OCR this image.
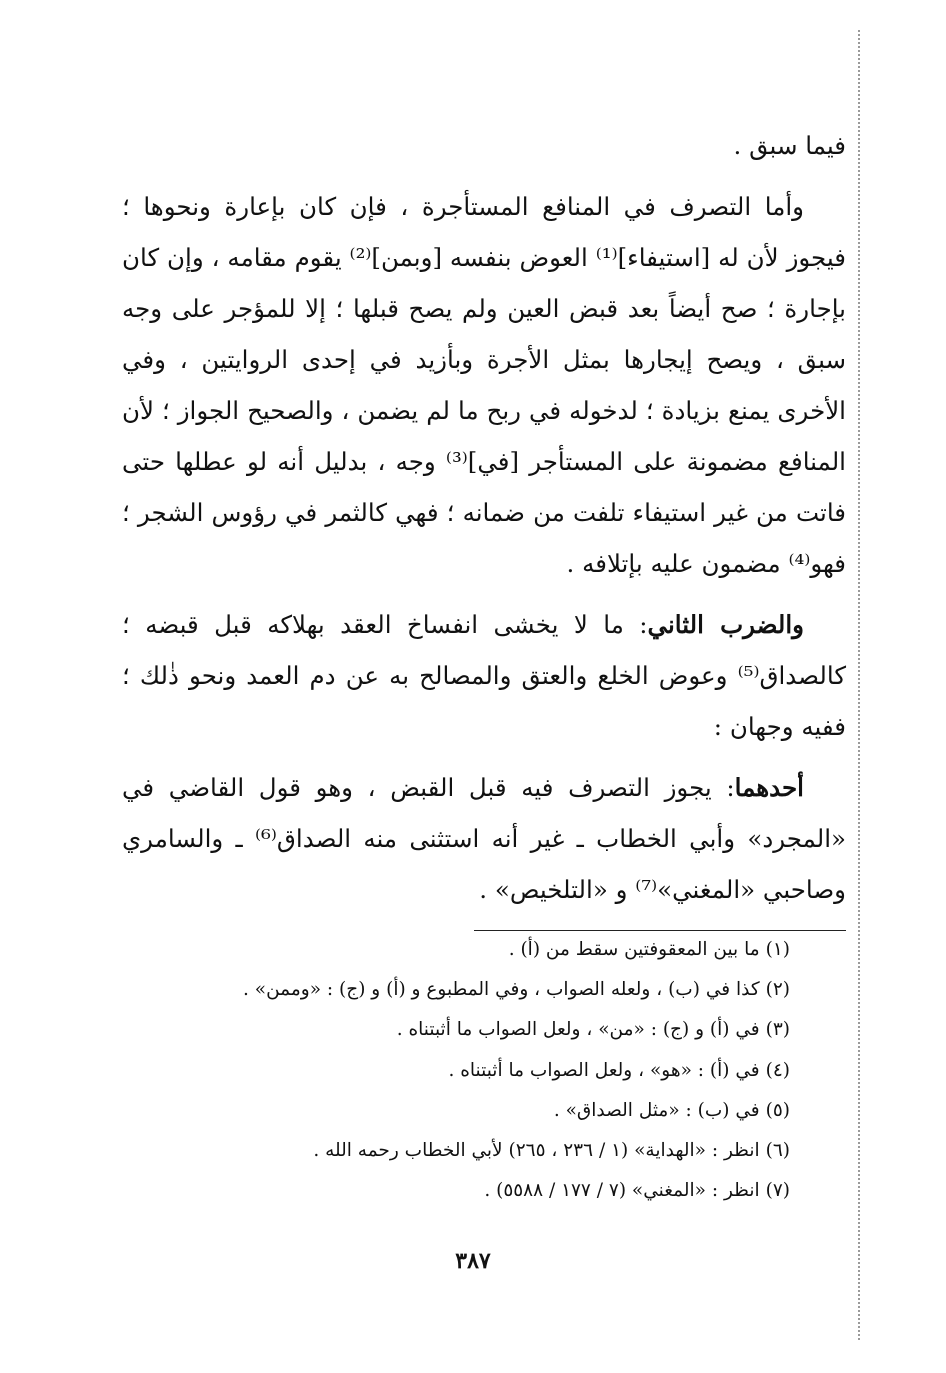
فيما سبق .

وأما التصرف في المنافع المستأجرة ، فإن كان بإعارة ونحوها ؛ فيجوز لأن له [استيفاء]⁽¹⁾ العوض بنفسه [وبمن]⁽²⁾ يقوم مقامه ، وإن كان بإجارة ؛ صح أيضاً بعد قبض العين ولم يصح قبلها ؛ إلا للمؤجر على وجه سبق ، ويصح إيجارها بمثل الأجرة وبأزيد في إحدى الروايتين ، وفي الأخرى يمنع بزيادة ؛ لدخوله في ربح ما لم يضمن ، والصحيح الجواز ؛ لأن المنافع مضمونة على المستأجر [في]⁽³⁾ وجه ، بدليل أنه لو عطلها حتى فاتت من غير استيفاء تلفت من ضمانه ؛ فهي كالثمر في رؤوس الشجر ؛ فهو⁽⁴⁾ مضمون عليه بإتلافه .

والضرب الثاني: ما لا يخشى انفساخ العقد بهلاكه قبل قبضه ؛ كالصداق⁽⁵⁾ وعوض الخلع والعتق والمصالح به عن دم العمد ونحو ذٰلك ؛ ففيه وجهان :

أحدهما: يجوز التصرف فيه قبل القبض ، وهو قول القاضي في «المجرد» وأبي الخطاب ـ غير أنه استثنى منه الصداق⁽⁶⁾ ـ والسامري وصاحبي «المغني»⁽⁷⁾ و «التلخيص» .

(١)ما بين المعقوفتين سقط من (أ) .

(٢)كذا في (ب) ، ولعله الصواب ، وفي المطبوع و (أ) و (ج) : «وممن» .

(٣)في (أ) و (ج) : «من» ، ولعل الصواب ما أثبتناه .

(٤)في (أ) : «هو» ، ولعل الصواب ما أثبتناه .

(٥)في (ب) : «مثل الصداق» .

(٦)انظر : «الهداية» (١ / ٢٣٦ ، ٢٦٥) لأبي الخطاب رحمه الله .

(٧)انظر : «المغني» (٧ / ١٧٧ / ٥٥٨٨) .

٣٨٧
